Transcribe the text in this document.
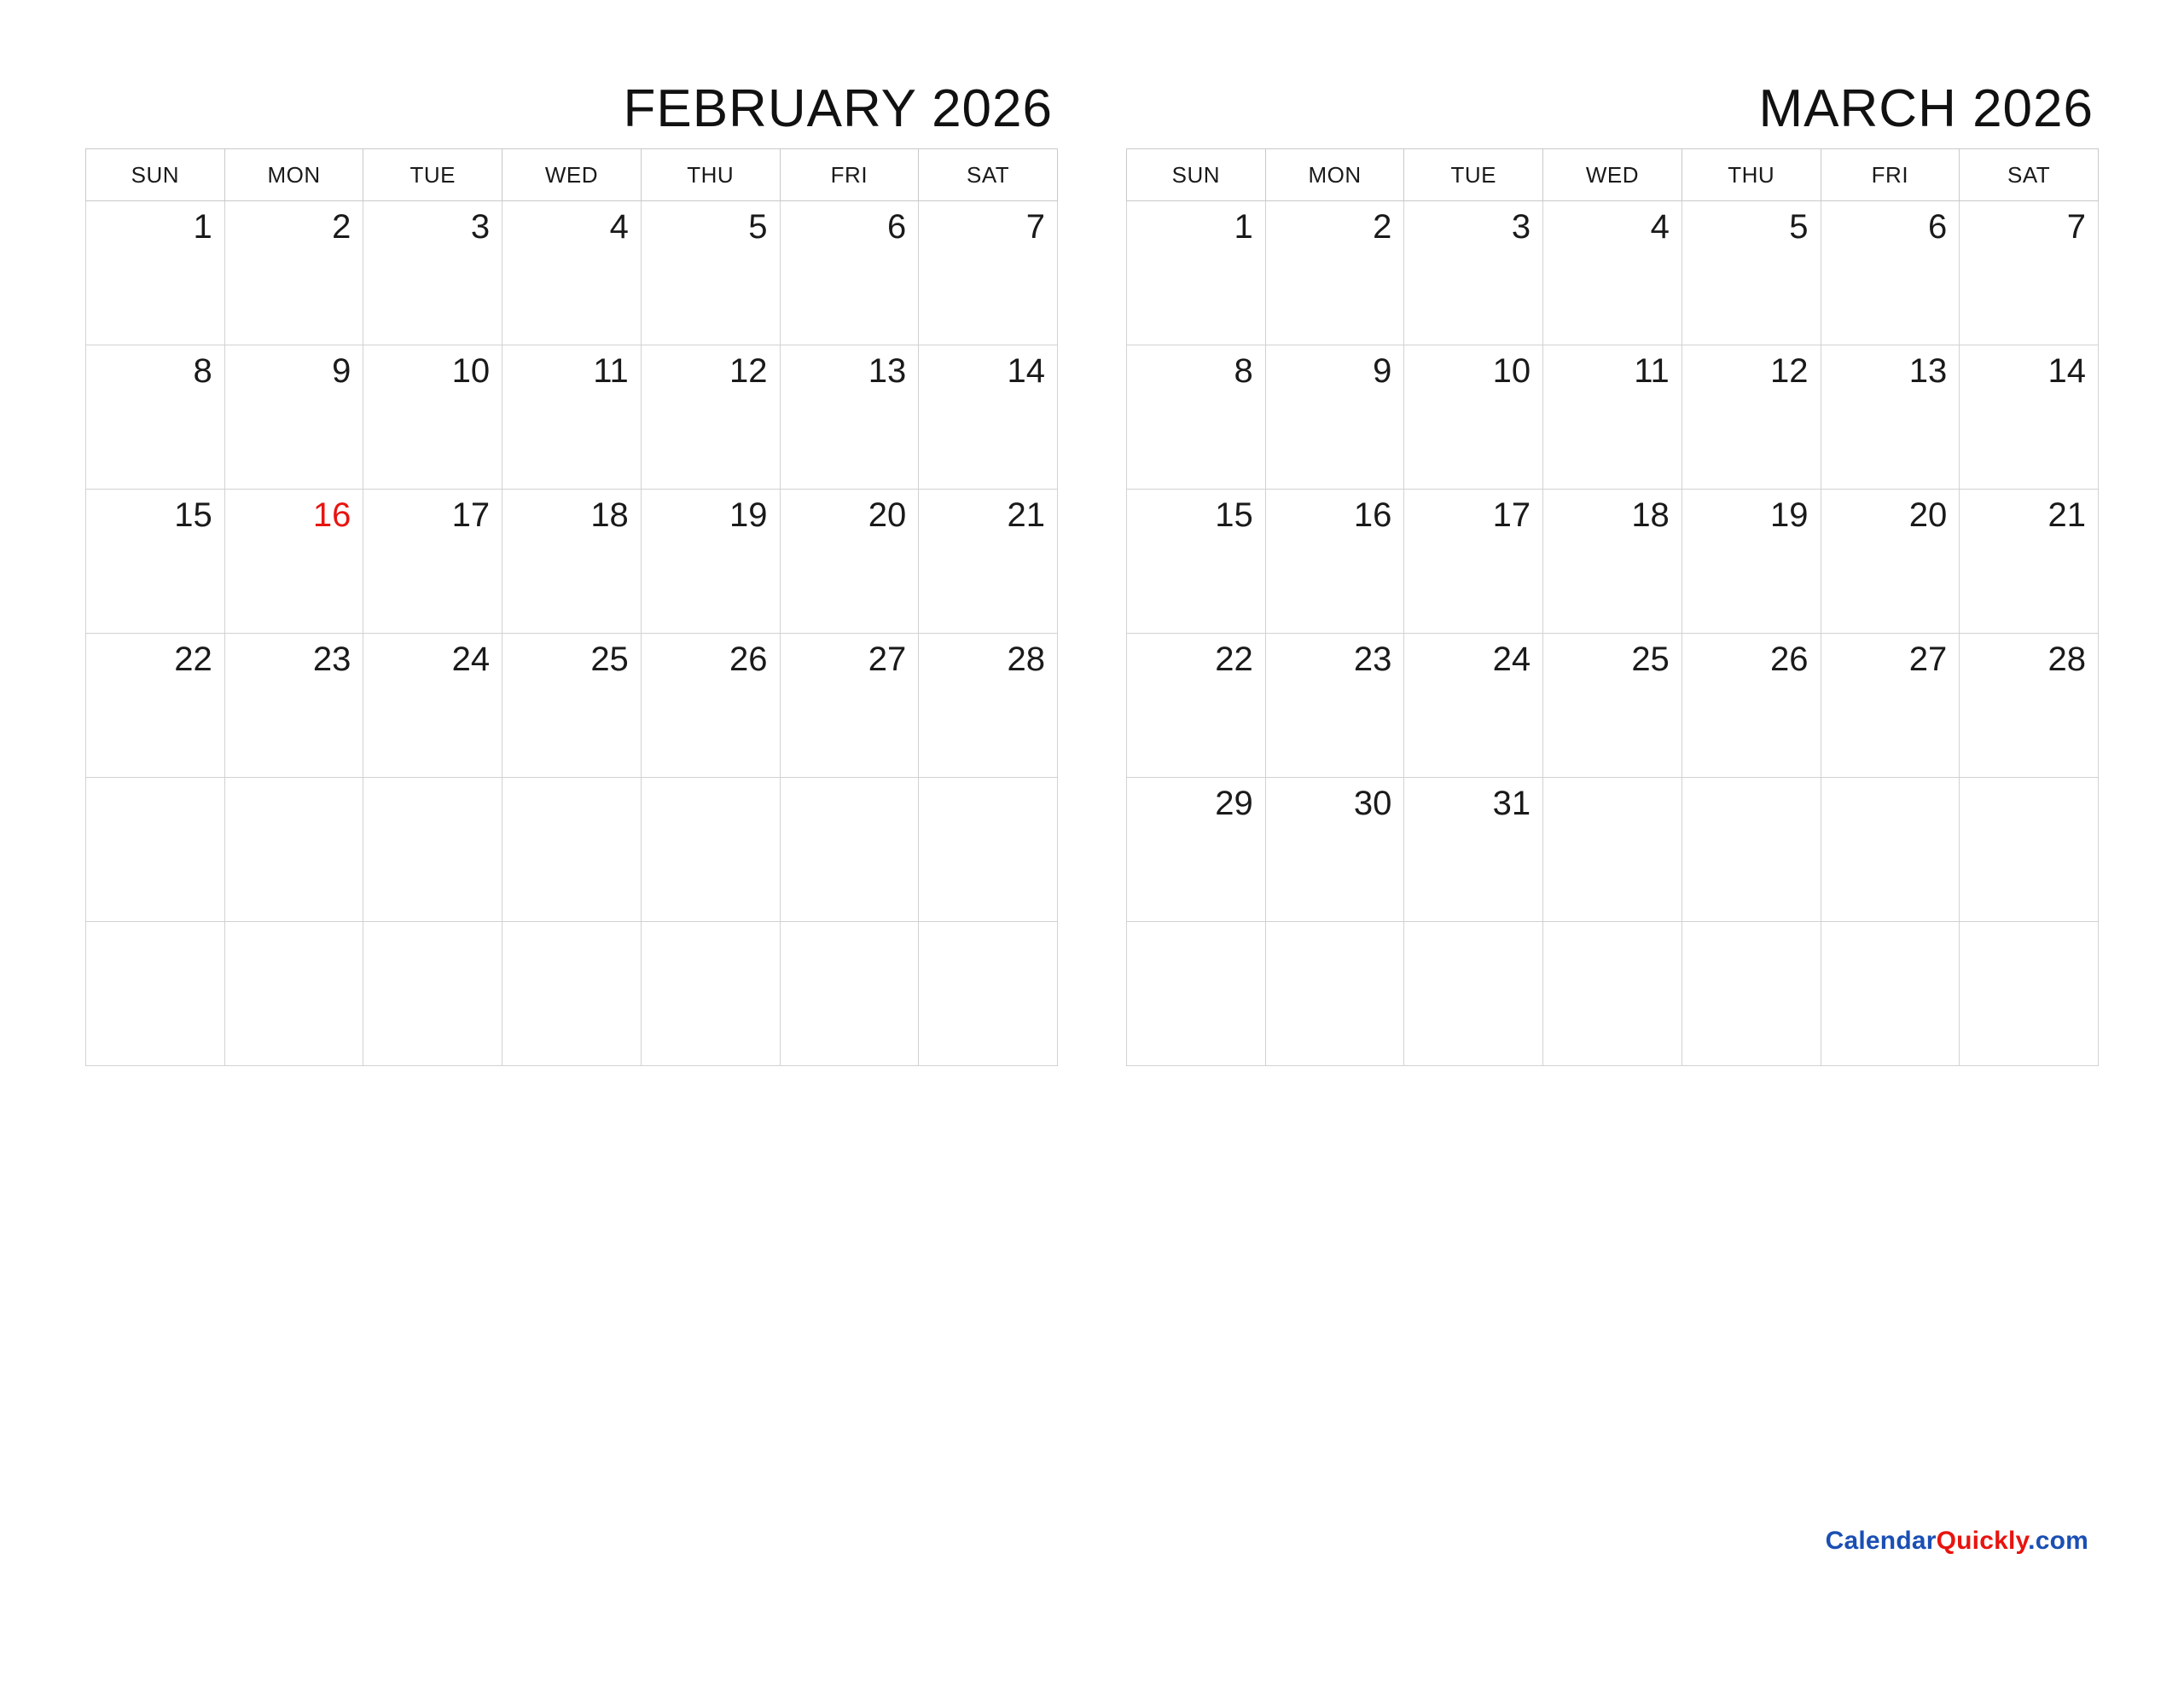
FEBRUARY 2026
SUN	MON	TUE	WED	THU	FRI	SAT

1	2	3	4	5	6	7

8	9	10	11	12	13	14

15	16	17	18	19	20	21

22	23	24	25	26	27	28

MARCH 2026
SUN	MON	TUE	WED	THU	FRI	SAT

1	2	3	4	5	6	7

8	9	10	11	12	13	14

15	16	17	18	19	20	21

22	23	24	25	26	27	28

29	30	31				

CalendarQuickly.com
